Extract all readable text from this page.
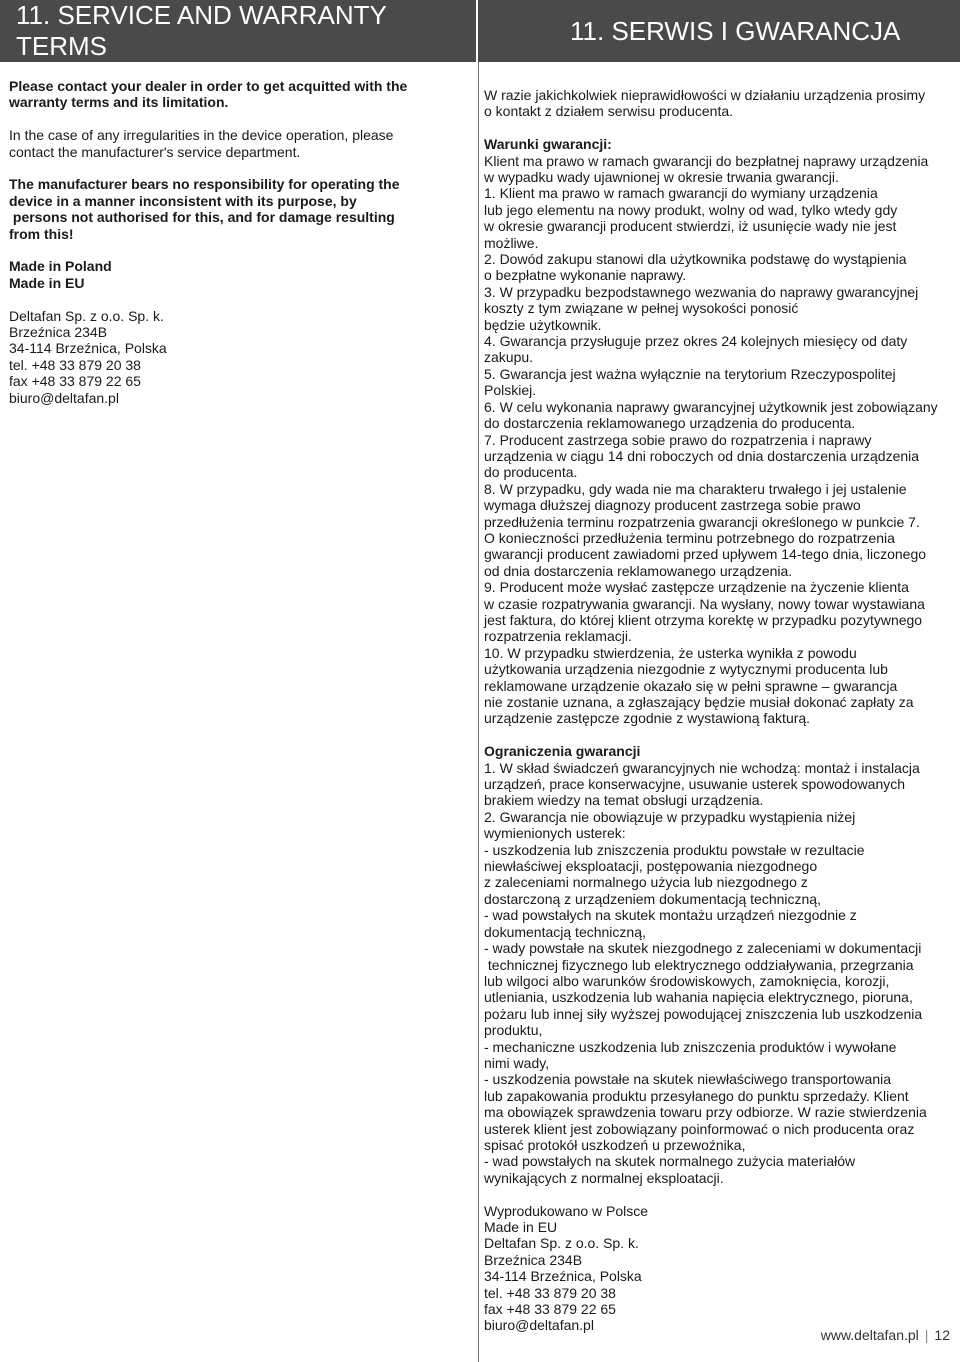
11. SERVICE AND WARRANTY TERMS
11. SERWIS I GWARANCJA
Please contact your dealer in order to get acquitted with the
warranty terms and its limitation.
In the case of any irregularities in the device operation, please
contact the manufacturer's service department.
The manufacturer bears no responsibility for operating the
device in a manner inconsistent with its purpose, by
persons not authorised for this, and for damage resulting
from this!
Made in Poland
Made in EU
Deltafan Sp. z o.o. Sp. k.
Brzeźnica 234B
34-114 Brzeźnica, Polska
tel. +48 33 879 20 38
fax +48 33 879 22 65
biuro@deltafan.pl
W razie jakichkolwiek nieprawidłowości w działaniu urządzenia prosimy
o kontakt z działem serwisu producenta.
Warunki gwarancji:
Klient ma prawo w ramach gwarancji do bezpłatnej naprawy urządzenia
w wypadku wady ujawnionej w okresie trwania gwarancji.
1. Klient ma prawo w ramach gwarancji do wymiany urządzenia
lub jego elementu na nowy produkt, wolny od wad, tylko wtedy gdy
w okresie gwarancji producent stwierdzi, iż usunięcie wady nie jest
możliwe.
2. Dowód zakupu stanowi dla użytkownika podstawę do wystąpienia
o bezpłatne wykonanie naprawy.
3. W przypadku bezpodstawnego wezwania do naprawy gwarancyjnej
koszty z tym związane w pełnej wysokości ponosić
będzie użytkownik.
4. Gwarancja przysługuje przez okres 24 kolejnych miesięcy od daty
zakupu.
5. Gwarancja jest ważna wyłącznie na terytorium Rzeczypospolitej
Polskiej.
6. W celu wykonania naprawy gwarancyjnej użytkownik jest zobowiązany
do dostarczenia reklamowanego urządzenia do producenta.
7. Producent zastrzega sobie prawo do rozpatrzenia i naprawy
urządzenia w ciągu 14 dni roboczych od dnia dostarczenia urządzenia
do producenta.
8. W przypadku, gdy wada nie ma charakteru trwałego i jej ustalenie
wymaga dłuższej diagnozy producent zastrzega sobie prawo
przedłużenia terminu rozpatrzenia gwarancji określonego w punkcie 7.
O konieczności przedłużenia terminu potrzebnego do rozpatrzenia
gwarancji producent zawiadomi przed upływem 14-tego dnia, liczonego
od dnia dostarczenia reklamowanego urządzenia.
9. Producent może wysłać zastępcze urządzenie na życzenie klienta
w czasie rozpatrywania gwarancji. Na wysłany, nowy towar wystawiana
jest faktura, do której klient otrzyma korektę w przypadku pozytywnego
rozpatrzenia reklamacji.
10. W przypadku stwierdzenia, że usterka wynikła z powodu
użytkowania urządzenia niezgodnie z wytycznymi producenta lub
reklamowane urządzenie okazało się w pełni sprawne – gwarancja
nie zostanie uznana, a zgłaszający będzie musiał dokonać zapłaty za
urządzenie zastępcze zgodnie z wystawioną fakturą.
Ograniczenia gwarancji
1. W skład świadczeń gwarancyjnych nie wchodzą: montaż i instalacja
urządzeń, prace konserwacyjne, usuwanie usterek spowodowanych
brakiem wiedzy na temat obsługi urządzenia.
2. Gwarancja nie obowiązuje w przypadku wystąpienia niżej
wymienionych usterek:
- uszkodzenia lub zniszczenia produktu powstałe w rezultacie
niewłaściwej eksploatacji, postępowania niezgodnego
z zaleceniami normalnego użycia lub niezgodnego z
dostarczoną z urządzeniem dokumentacją techniczną,
- wad powstałych na skutek montażu urządzeń niezgodnie z
dokumentacją techniczną,
- wady powstałe na skutek niezgodnego z zaleceniami w dokumentacji
technicznej fizycznego lub elektrycznego oddziaływania, przegrzania
lub wilgoci albo warunków środowiskowych, zamoknięcia, korozji,
utleniania, uszkodzenia lub wahania napięcia elektrycznego, pioruna,
pożaru lub innej siły wyższej powodującej zniszczenia lub uszkodzenia
produktu,
- mechaniczne uszkodzenia lub zniszczenia produktów i wywołane
nimi wady,
- uszkodzenia powstałe na skutek niewłaściwego transportowania
lub zapakowania produktu przesyłanego do punktu sprzedaży. Klient
ma obowiązek sprawdzenia towaru przy odbiorze. W razie stwierdzenia
usterek klient jest zobowiązany poinformować o nich producenta oraz
spisać protokół uszkodzeń u przewoźnika,
- wad powstałych na skutek normalnego zużycia materiałów
wynikających z normalnej eksploatacji.
Wyprodukowano w Polsce
Made in EU
Deltafan Sp. z o.o. Sp. k.
Brzeźnica 234B
34-114 Brzeźnica, Polska
tel. +48 33 879 20 38
fax +48 33 879 22 65
biuro@deltafan.pl
www.deltafan.pl | 12
